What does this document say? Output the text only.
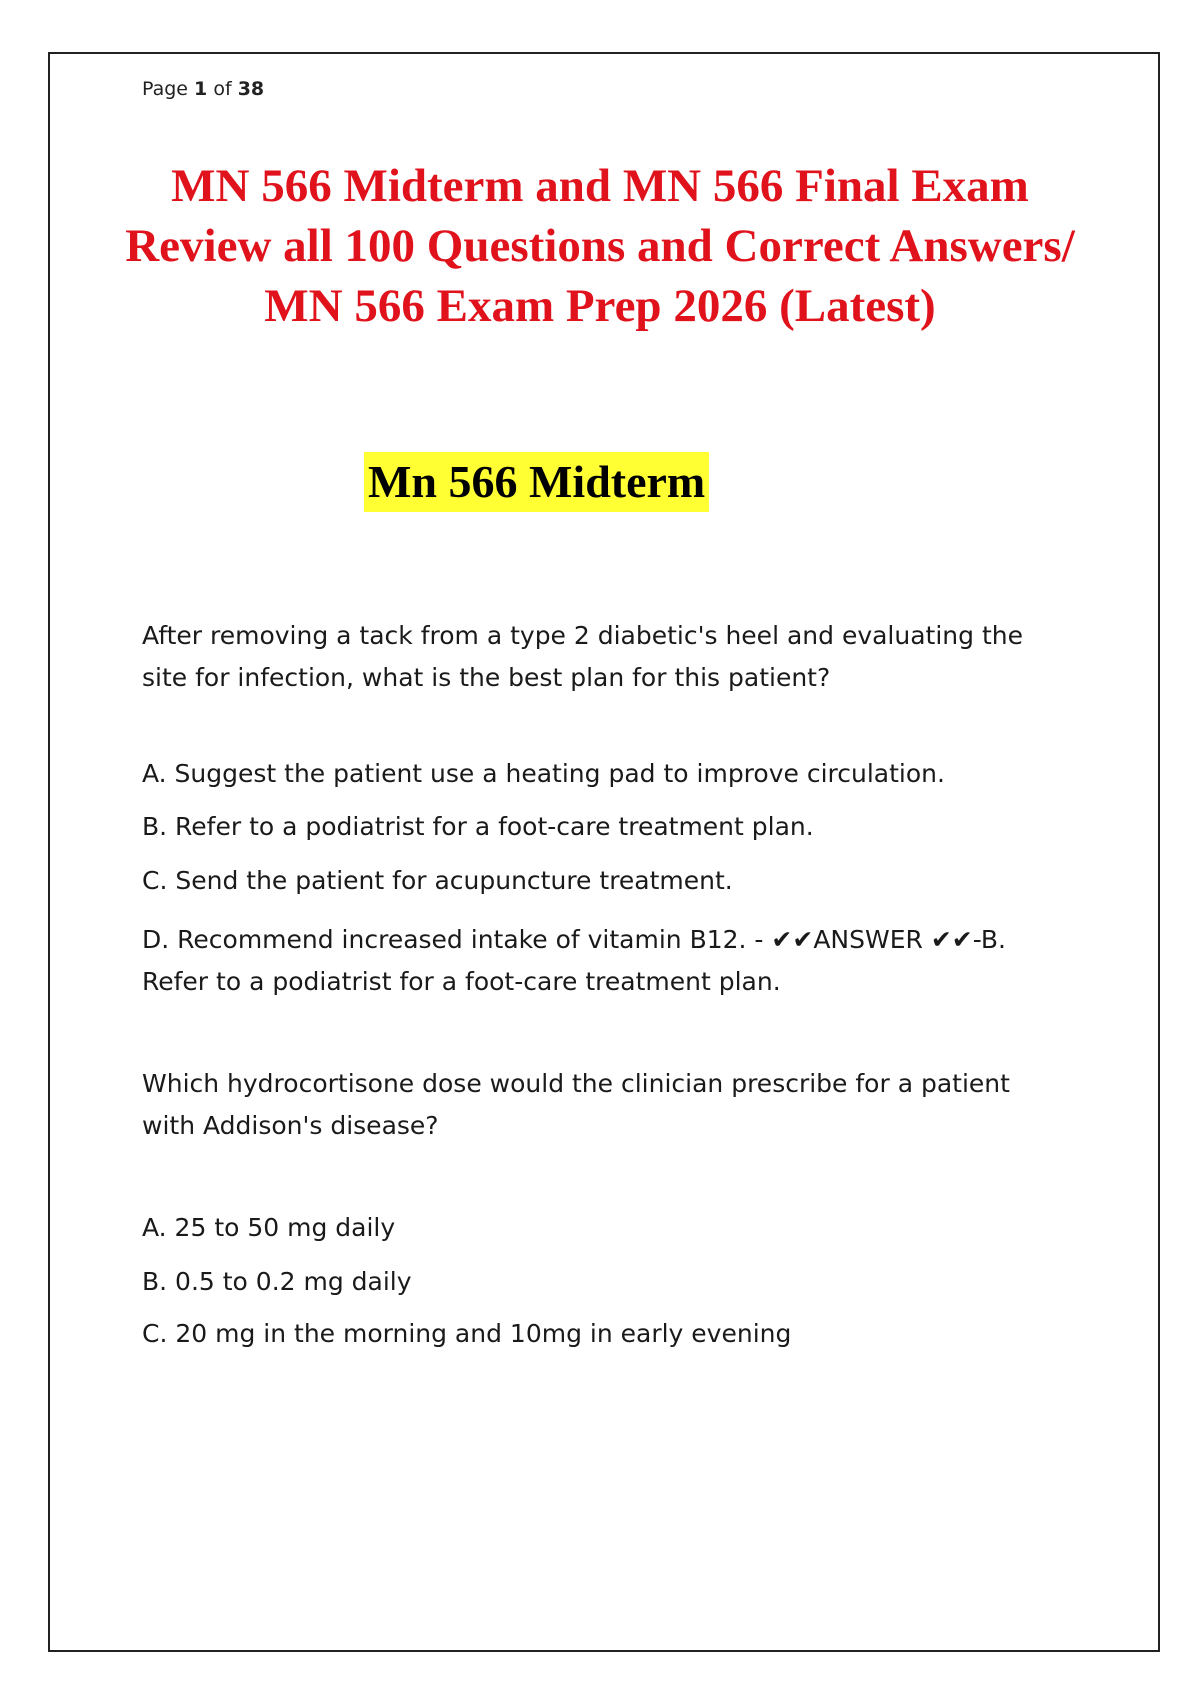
Page 1 of 38
MN 566 Midterm and MN 566 Final Exam Review all 100 Questions and Correct Answers/ MN 566 Exam Prep 2026 (Latest)
Mn 566 Midterm

After removing a tack from a type 2 diabetic's heel and evaluating the site for infection, what is the best plan for this patient?

A. Suggest the patient use a heating pad to improve circulation.

B. Refer to a podiatrist for a foot-care treatment plan.

C. Send the patient for acupuncture treatment.

D. Recommend increased intake of vitamin B12. - ✔✔ANSWER ✔✔-B. Refer to a podiatrist for a foot-care treatment plan.

Which hydrocortisone dose would the clinician prescribe for a patient with Addison's disease?

A. 25 to 50 mg daily

B. 0.5 to 0.2 mg daily

C. 20 mg in the morning and 10mg in early evening
